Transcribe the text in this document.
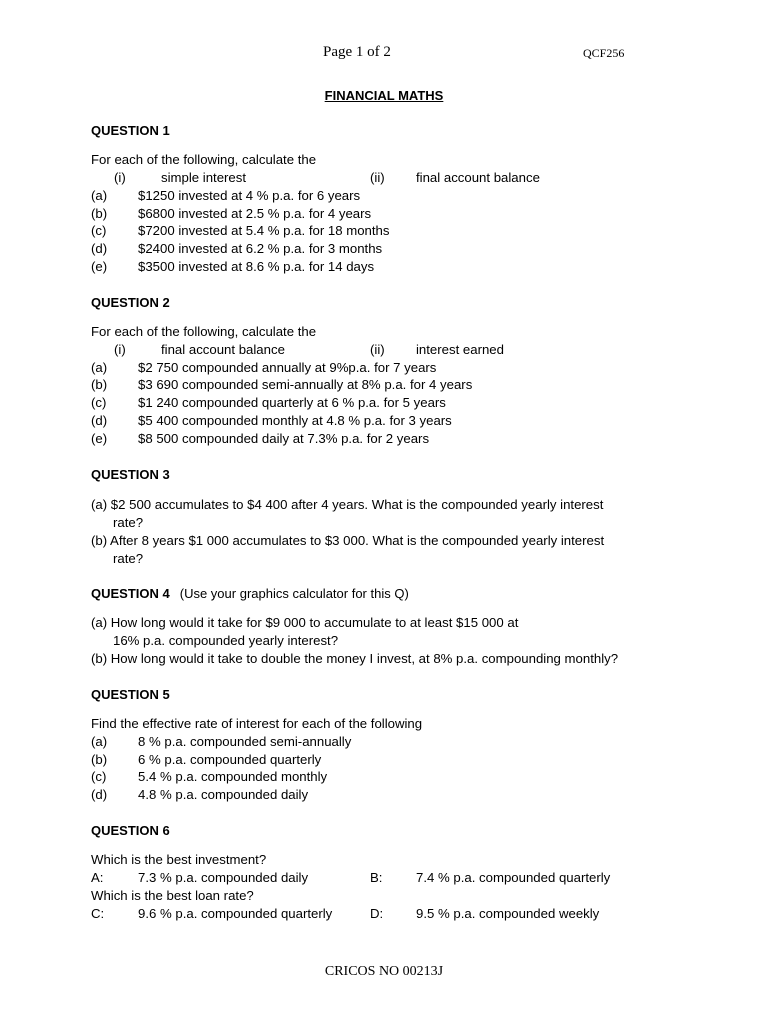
Page 1 of 2	QCF256
FINANCIAL MATHS
QUESTION 1
For each of the following, calculate the
(i)	simple interest	(ii) final account balance
(a) $1250 invested at 4 % p.a. for 6 years
(b) $6800 invested at 2.5 % p.a. for 4 years
(c) $7200 invested at 5.4 % p.a. for 18 months
(d) $2400 invested at 6.2 % p.a. for 3 months
(e) $3500 invested at 8.6 % p.a. for 14 days
QUESTION 2
For each of the following, calculate the
(i)	final account balance	(ii) interest earned
(a) $2 750 compounded annually at 9%p.a. for 7 years
(b) $3 690 compounded semi-annually at 8% p.a. for 4 years
(c) $1 240 compounded quarterly at 6 % p.a. for 5 years
(d) $5 400 compounded monthly at 4.8 % p.a. for 3 years
(e) $8 500 compounded daily at 7.3% p.a. for 2 years
QUESTION 3
(a) $2 500 accumulates to $4 400 after 4 years. What is the compounded yearly interest
rate?
(b) After 8 years $1 000 accumulates to $3 000. What is the compounded yearly interest
rate?
QUESTION 4 (Use your graphics calculator for this Q)
(a) How long would it take for $9 000 to accumulate to at least $15 000 at
16% p.a. compounded yearly interest?
(b) How long would it take to double the money I invest, at 8% p.a. compounding monthly?
QUESTION 5
Find the effective rate of interest for each of the following
(a) 8 % p.a. compounded semi-annually
(b) 6 % p.a. compounded quarterly
(c) 5.4 % p.a. compounded monthly
(d) 4.8 % p.a. compounded daily
QUESTION 6
Which is the best investment?
A:	7.3 % p.a. compounded daily	B:	7.4 % p.a. compounded quarterly
Which is the best loan rate?
C:	9.6 % p.a. compounded quarterly	D: 9.5 % p.a. compounded weekly
CRICOS NO 00213J
